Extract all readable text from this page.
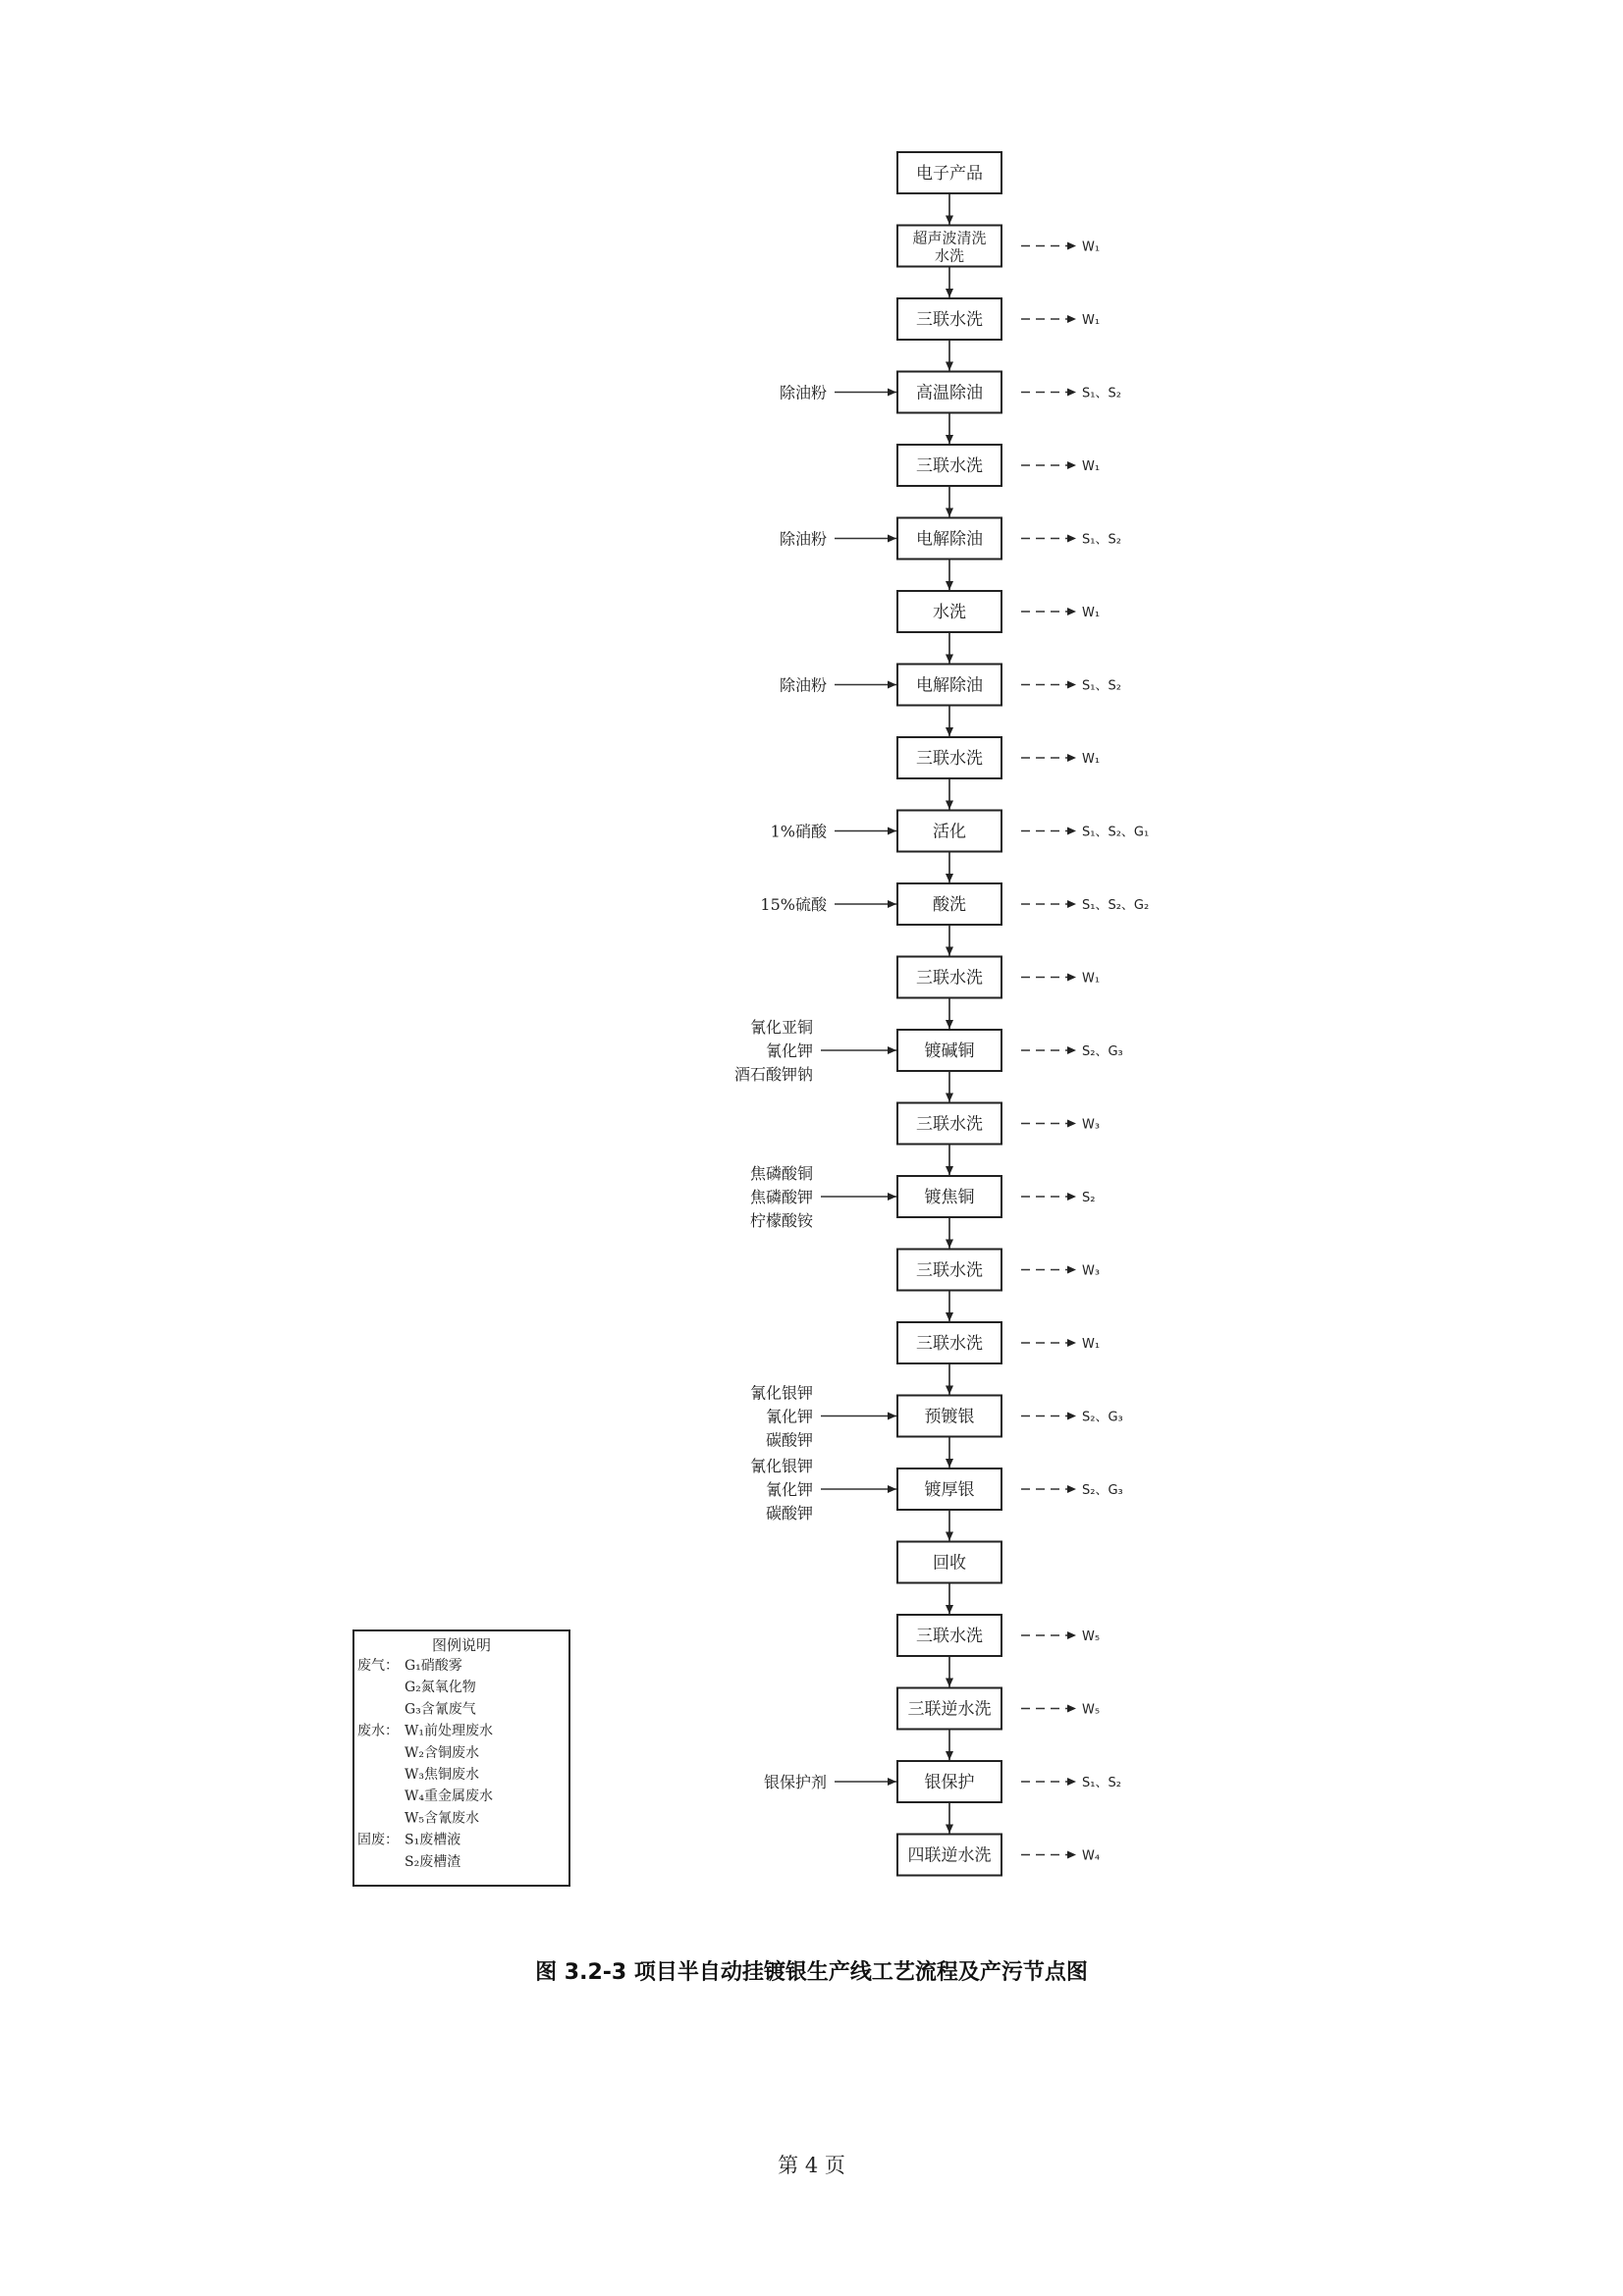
电子产品
超声波清洗
水洗	W₁
三联水洗	W₁
高温除油	S₁、S₂
除油粉
三联水洗	W₁
电解除油	S₁、S₂
除油粉
水洗	W₁
电解除油	S₁、S₂
除油粉
三联水洗	W₁
活化	S₁、S₂、G₁
1%硝酸
酸洗	S₁、S₂、G₂
15%硫酸
三联水洗	W₁
镀碱铜	S₂、G₃
氰化亚铜
氰化钾
酒石酸钾钠
三联水洗	W₃
镀焦铜	S₂
焦磷酸铜
焦磷酸钾
柠檬酸铵
三联水洗	W₃
三联水洗	W₁
预镀银	S₂、G₃
氰化银钾
氰化钾
碳酸钾
镀厚银	S₂、G₃
氰化银钾
氰化钾
碳酸钾
回收
三联水洗	W₅
三联逆水洗	W₅
银保护	S₁、S₂
银保护剂
四联逆水洗	W₄
图例说明
废气： G₁硝酸雾
G₂氮氧化物
G₃含氰废气
废水： W₁前处理废水
W₂含铜废水
W₃焦铜废水
W₄重金属废水
W₅含氰废水
固废： S₁废槽液
S₂废槽渣
图 3.2-3 项目半自动挂镀银生产线工艺流程及产污节点图
第 4 页
